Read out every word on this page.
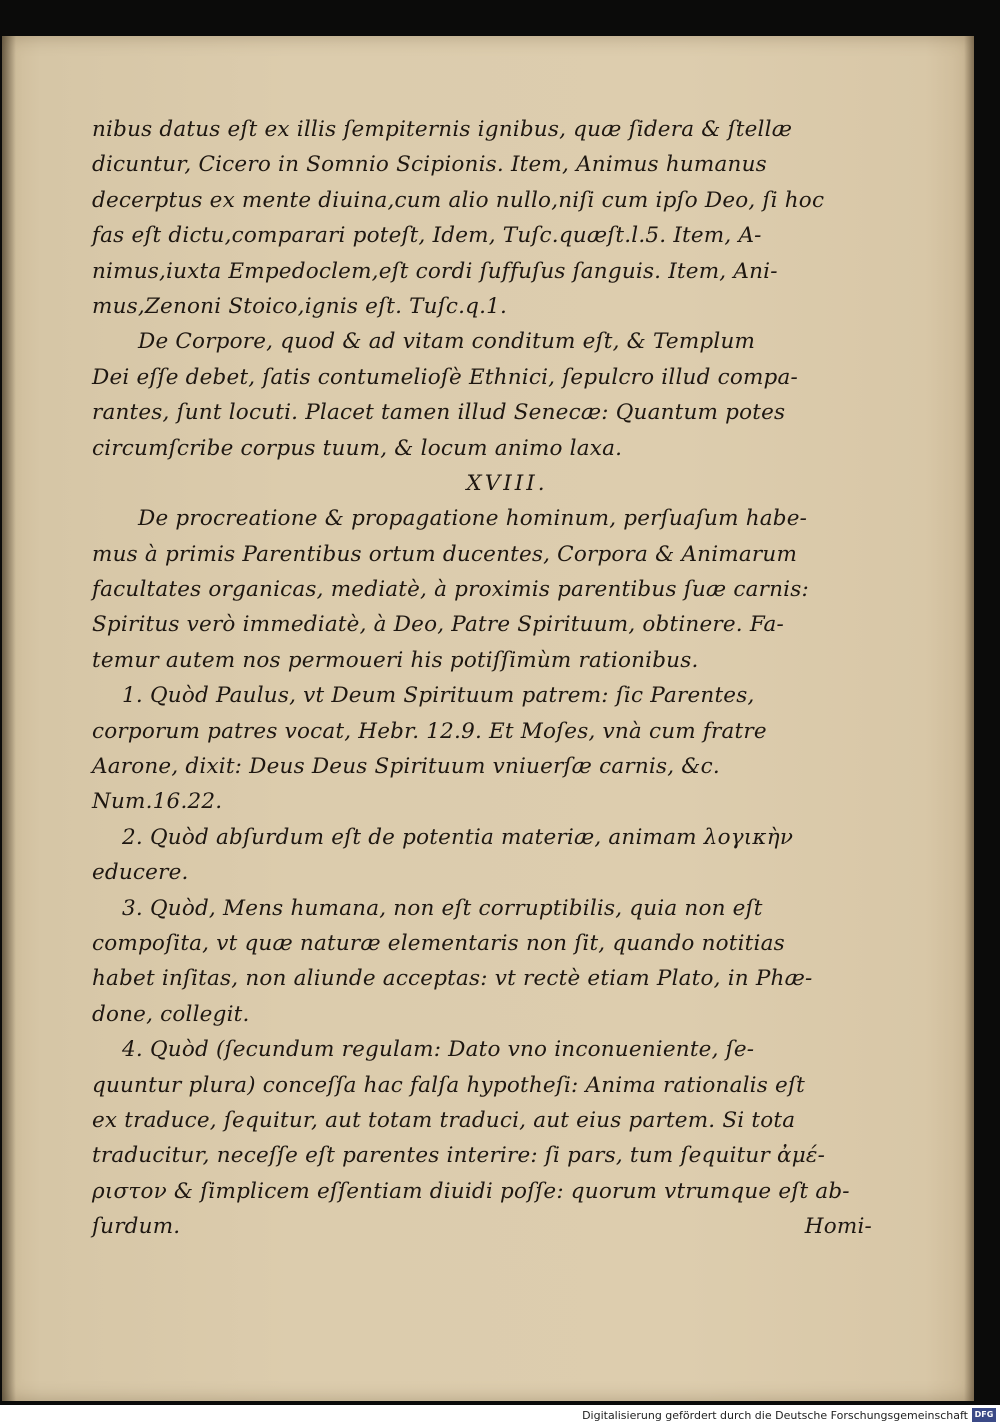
nibus datus eſt ex illis ſempiternis ignibus, quæ ſidera & ſtellæ
dicuntur, Cicero in Somnio Scipionis. Item, Animus humanus
decerptus ex mente diuina,cum alio nullo,niſi cum ipſo Deo, ſi hoc
fas eſt dictu,comparari poteſt, Idem, Tuſc.quæſt.l.5. Item, A-
nimus,iuxta Empedoclem,eſt cordi ſuffuſus ſanguis. Item, Ani-
mus,Zenoni Stoico,ignis eſt. Tuſc.q.1.
De Corpore, quod & ad vitam conditum eſt, & Templum
Dei eſſe debet, ſatis contumelioſè Ethnici, ſepulcro illud compa-
rantes, ſunt locuti. Placet tamen illud Senecæ: Quantum potes
circumſcribe corpus tuum, & locum animo laxa.
XVIII.
De procreatione & propagatione hominum, perſuaſum habe-
mus à primis Parentibus ortum ducentes, Corpora & Animarum
facultates organicas, mediatè, à proximis parentibus ſuæ carnis:
Spiritus verò immediatè, à Deo, Patre Spirituum, obtinere. Fa-
temur autem nos permoueri his potiſſimùm rationibus.
1. Quòd Paulus, vt Deum Spirituum patrem: ſic Parentes,
corporum patres vocat, Hebr. 12.9. Et Moſes, vnà cum fratre
Aarone, dixit: Deus Deus Spirituum vniuerſæ carnis, &c.
Num.16.22.
2. Quòd abſurdum eſt de potentia materiæ, animam λογικὴν
educere.
3. Quòd, Mens humana, non eſt corruptibilis, quia non eſt
compoſita, vt quæ naturæ elementaris non ſit, quando notitias
habet inſitas, non aliunde acceptas: vt rectè etiam Plato, in Phæ-
done, collegit.
4. Quòd (ſecundum regulam: Dato vno inconueniente, ſe-
quuntur plura) conceſſa hac falſa hypotheſi: Anima rationalis eſt
ex traduce, ſequitur, aut totam traduci, aut eius partem. Si tota
traducitur, neceſſe eſt parentes interire: ſi pars, tum ſequitur ἀμέ-
ριστον & ſimplicem eſſentiam diuidi poſſe: quorum vtrumque eſt ab-
ſurdum.	Homi-
Digitalisierung gefördert durch die Deutsche Forschungsgemeinschaft DFG
